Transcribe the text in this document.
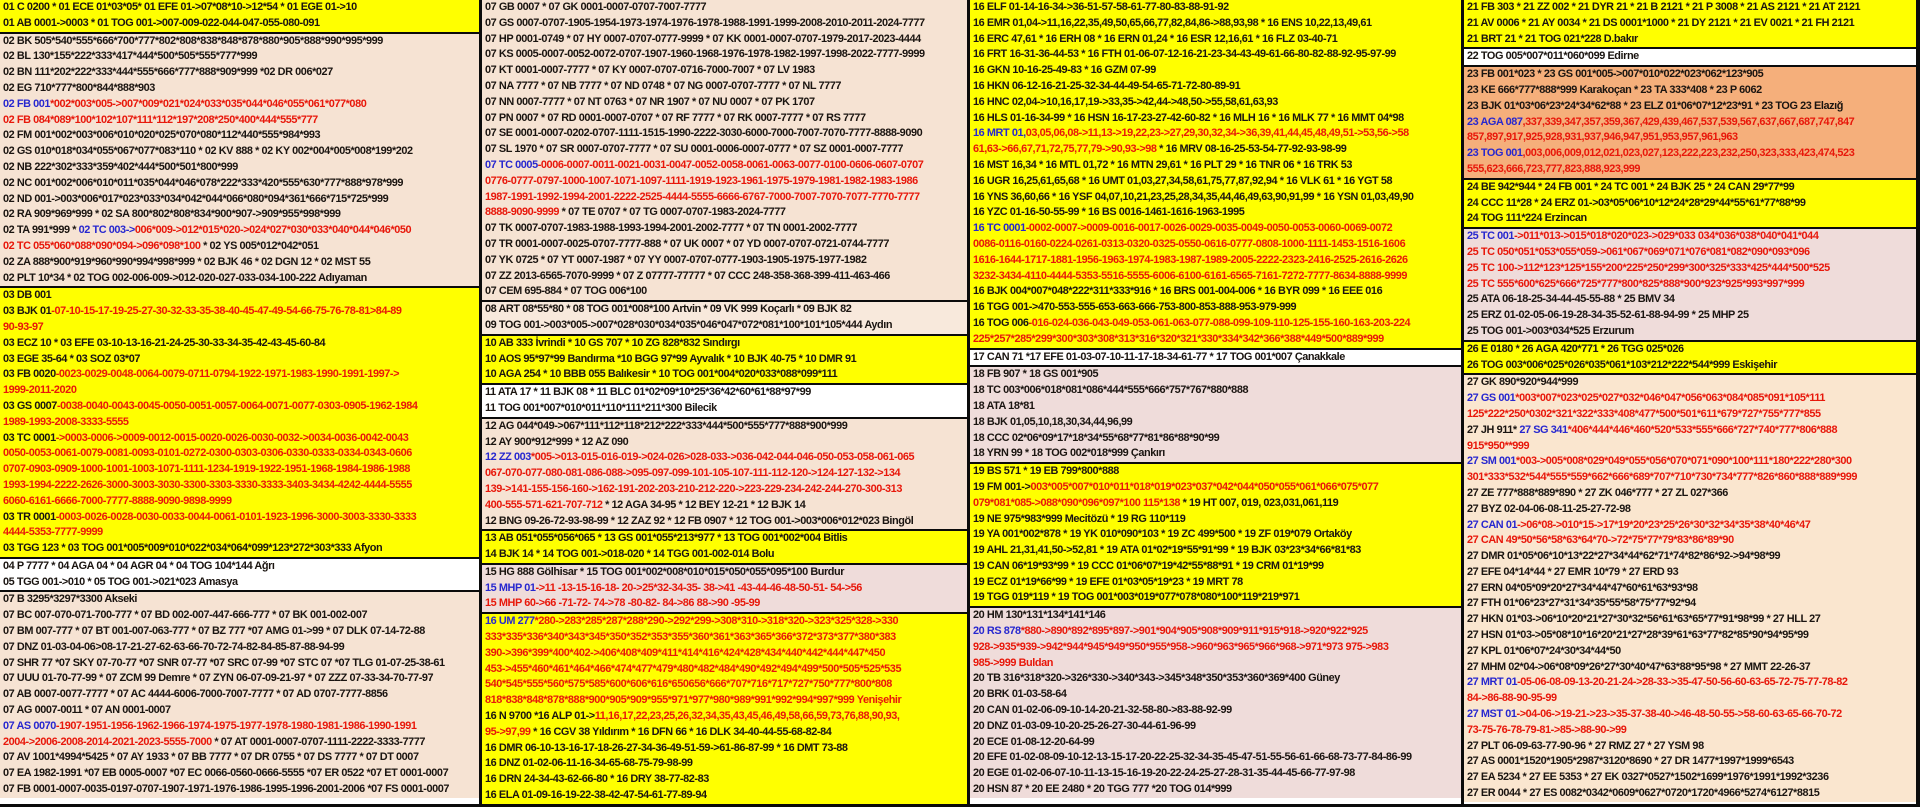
01 C 0200 * 01 ECE 01*03*05* 01 EFE 01->07*08*10->12*54 * 01 EGE 01->10
01 AB 0001->0003 * 01 TOG 001->007-009-022-044-047-055-080-091
02 BK 505*540*555*666*700*777*802*808*838*848*878*880*905*888*990*995*999
02 BL 130*155*222*333*417*444*500*505*555*777*999
02 BN 111*202*222*333*444*555*666*777*888*909*999 *02 DR 006*027
02 EG 710*777*800*844*888*903
02 FB 001*002*003*005->007*009*021*024*033*035*044*046*055*061*077*080
02 FB 084*089*100*102*107*111*112*197*208*250*400*444*555*777
02 FM 001*002*003*006*010*020*025*070*080*112*440*555*984*993
02 GS 010*018*034*055*067*077*083*110 * 02 KV 888 * 02 KY 002*004*005*008*199*202
02 NB 222*302*333*359*402*444*500*501*800*999
02 NC 001*002*006*010*011*035*044*046*078*222*333*420*555*630*777*888*978*999
02 ND 001->003*006*017*023*033*034*042*044*066*080*094*361*666*715*725*999
02 RA 909*969*999 * 02 SA 800*802*808*834*900*907->909*955*998*999
02 TA 991*999 * 02 TC 003->006*009->012*015*020->024*027*030*033*040*044*046*050
02 TC 055*060*088*090*094->096*098*100 * 02 YS 005*012*042*051
02 ZA 888*900*919*960*990*994*998*999 * 02 BJK 46 * 02 DGN 12 * 02 MST 55
02 PLT 10*34 * 02 TOG 002-006-009->012-020-027-033-034-100-222 Adıyaman
03 DB 001
03 BJK 01-07-10-15-17-19-25-27-30-32-33-35-38-40-45-47-49-54-66-75-76-78-81>84-89
90-93-97
03 ECZ 10 * 03 EFE 03-10-13-16-21-24-25-30-33-34-35-42-43-45-60-84
03 EGE 35-64 * 03 SOZ 03*07
03 FB 0020-0023-0029-0048-0064-0079-0711-0794-1922-1971-1983-1990-1991-1997->
1999-2011-2020
03 GS 0007-0038-0040-0043-0045-0050-0051-0057-0064-0071-0077-0303-0905-1962-1984
1989-1993-2008-3333-5555
03 TC 0001->0003-0006->0009-0012-0015-0020-0026-0030-0032->0034-0036-0042-0043
0050-0053-0061-0079-0081-0093-0101-0272-0300-0303-0306-0330-0333-0334-0343-0606
0707-0903-0909-1000-1001-1003-1071-1111-1234-1919-1922-1951-1968-1984-1986-1988
1993-1994-2222-2626-3000-3003-3030-3300-3303-3330-3333-3403-3434-4242-4444-5555
6060-6161-6666-7000-7777-8888-9090-9898-9999
03 TR 0001-0003-0026-0028-0030-0033-0044-0061-0101-1923-1996-3000-3003-3330-3333
4444-5353-7777-9999
03 TGG 123 * 03 TOG 001*005*009*010*022*034*064*099*123*272*303*333 Afyon
04 P 7777 * 04 AGA 04 * 04 AGR 04 * 04 TOG 104*144 Ağrı
05 TGG 001->010 * 05 TOG 001->021*023 Amasya
07 B 3295*3297*3300 Akseki
07 BC 007-070-071-700-777 * 07 BD 002-007-447-666-777 * 07 BK 001-002-007
07 BM 007-777 * 07 BT 001-007-063-777 * 07 BZ 777 *07 AMG 01->99 * 07 DLK 07-14-72-88
07 DNZ 01-03-04-06>08-17-21-27-62-63-66-70-72-74-82-84-85-87-88-94-99
07 SHR 77 *07 SKY 07-70-77 *07 SNR 07-77 *07 SRC 07-99 *07 STC 07 *07 TLG 01-07-25-38-61
07 UUU 01-70-77-99 * 07 ZCM 99 Demre * 07 ZYN 06-07-09-21-97 * 07 ZZZ 07-33-34-70-77-97
07 AB 0007-0077-7777 * 07 AC 4444-6006-7000-7007-7777 * 07 AD 0707-7777-8856
07 AG 0007-0011 * 07 AN 0001-0007
07 AS 0070-1907-1951-1956-1962-1966-1974-1975-1977-1978-1980-1981-1986-1990-1991
2004->2006-2008-2014-2021-2023-5555-7000 * 07 AT 0001-0007-0707-1111-2222-3333-7777
07 AV 1001*4994*5425 * 07 AY 1933 * 07 BB 7777 * 07 DR 0755 * 07 DS 7777 * 07 DT 0007
07 EA 1982-1991 *07 EB 0005-0007 *07 EC 0066-0560-0666-5555 *07 ER 0522 *07 ET 0001-0007
07 FB 0001-0007-0035-0197-0707-1907-1971-1976-1986-1995-1996-2001-2006 *07 FS 0001-0007
07 GB 0007 * 07 GK 0001-0007-0707-7007-7777
07 GS 0007-0707-1905-1954-1973-1974-1976-1978-1988-1991-1999-2008-2010-2011-2024-7777
07 HP 0001-0749 * 07 HY 0007-0707-0777-9999 * 07 KK 0001-0007-0707-1979-2017-2023-4444
07 KS 0005-0007-0052-0072-0707-1907-1960-1968-1976-1978-1982-1997-1998-2022-7777-9999
07 KT 0001-0007-7777 * 07 KY 0007-0707-0716-7000-7007 * 07 LV 1983
07 NA 7777 * 07 NB 7777 * 07 ND 0748 * 07 NG 0007-0707-7777 * 07 NL 7777
07 NN 0007-7777 * 07 NT 0763 * 07 NR 1907 * 07 NU 0007 * 07 PK 1707
07 PN 0007 * 07 RD 0001-0007-0707 * 07 RF 7777 * 07 RK 0007-7777 * 07 RS 7777
07 SE 0001-0007-0202-0707-1111-1515-1990-2222-3030-6000-7000-7007-7070-7777-8888-9090
07 SL 1970 * 07 SR 0007-0707-7777 * 07 SU 0001-0006-0007-0777 * 07 SZ 0001-0007-7777
07 TC 0005-0006-0007-0011-0021-0031-0047-0052-0058-0061-0063-0077-0100-0606-0607-0707
0776-0777-0797-1000-1007-1071-1097-1111-1919-1923-1961-1975-1979-1981-1982-1983-1986
1987-1991-1992-1994-2001-2222-2525-4444-5555-6666-6767-7000-7007-7070-7077-7770-7777
8888-9090-9999 * 07 TE 0707 * 07 TG 0007-0707-1983-2024-7777
07 TK 0007-0707-1983-1988-1993-1994-2001-2002-7777 * 07 TN 0001-2002-7777
07 TR 0001-0007-0025-0707-7777-888 * 07 UK 0007 * 07 YD 0007-0707-0721-0744-7777
07 YK 0725 * 07 YT 0007-1987 * 07 YY 0007-0707-0777-1903-1905-1975-1977-1982
07 ZZ 2013-6565-7070-9999 * 07 Z 07777-77777 * 07 CCC 248-358-368-399-411-463-466
07 CEM 695-884 * 07 TOG 006*100
08 ART 08*55*80 * 08 TOG 001*008*100 Artvin * 09 VK 999 Koçarlı * 09 BJK 82
09 TOG 001->003*005->007*028*030*034*035*046*047*072*081*100*101*105*444 Aydın
10 AB 333 İvrindi * 10 GS 707 * 10 ZG 828*832 Sındırgı
10 AOS 95*97*99 Bandırma *10 BGG 97*99 Ayvalık * 10 BJK 40-75 * 10 DMR 91
10 AGA 254 * 10 BBB 055 Balıkesir * 10 TOG 001*004*020*033*088*099*111
11 ATA 17 * 11 BJK 08 * 11 BLC 01*02*09*10*25*36*42*60*61*88*97*99
11 TOG 001*007*010*011*110*111*211*300 Bilecik
12 AG 044*049->067*111*112*118*212*222*333*444*500*555*777*888*900*999
12 AY 900*912*999 * 12 AZ 090
12 ZZ 003*005->013-015-016-019->024-026>028-033->036-042-044-046-050-053-058-061-065
067-070-077-080-081-086-088->095-097-099-101-105-107-111-112-120->124-127-132->134
139->141-155-156-160->162-191-202-203-210-212-220->223-229-234-242-244-270-300-313
400-555-571-621-707-712 * 12 AGA 34-95 * 12 BEY 12-21 * 12 BJK 14
12 BNG 09-26-72-93-98-99 * 12 ZAZ 92 * 12 FB 0907 * 12 TOG 001->003*006*012*023 Bingöl
13 AB 051*055*056*065 * 13 GS 001*055*213*977 * 13 TOG 001*002*004 Bitlis
14 BJK 14 * 14 TOG 001->018-020 * 14 TGG 001-002-014 Bolu
15 HG 888 Gölhisar * 15 TOG 001*002*008*010*015*050*055*095*100 Burdur
15 MHP 01->11 -13-15-16-18- 20->25*32-34-35- 38->41 -43-44-46-48-50-51- 54->56
15 MHP 60->66 -71-72- 74->78 -80-82- 84->86 88->90 -95-99
16 UM 277*280->283*285*287*288*290->292*299->308*310->318*320->323*325*328->330
333*335*336*340*343*345*350*352*353*355*360*361*363*365*366*372*373*377*380*383
390->396*399*400*402->406*408*409*411*414*416*424*428*434*440*442*444*447*450
453->455*460*461*464*466*474*477*479*480*482*484*490*492*494*499*500*505*525*535
540*545*555*560*575*585*600*606*616*650656*666*707*716*717*727*750*777*800*808
818*838*848*878*888*900*905*909*955*971*977*980*989*991*992*994*997*999 Yenişehir
16 N 9700 *16 ALP 01->11,16,17,22,23,25,26,32,34,35,43,45,46,49,58,66,59,73,76,88,90,93,
95->97,99 * 16 CGV 38 Yıldırım * 16 DFN 66 * 16 DLK 34-40-44-55-68-82-84
16 DMR 06-10-13-16-17-18-26-27-34-36-49-51-59->61-86-87-99 * 16 DMT 73-88
16 DNZ 01-02-06-11-16-34-65-68-75-79-98-99
16 DRN 24-34-43-62-66-80 * 16 DRY 38-77-82-83
16 ELA 01-09-16-19-22-38-42-47-54-61-77-89-94
16 ELF 01-14-16-34->36-51-57-58-61-77-80-83-88-91-92
16 EMR 01,04->11,16,22,35,49,50,65,66,77,82,84,86->88,93,98 * 16 ENS 10,22,13,49,61
16 ERC 47,61 * 16 ERH 08 * 16 ERN 01,24 * 16 ESR 12,16,61 * 16 FLZ 03-40-71
16 FRT 16-31-36-44-53 * 16 FTH 01-06-07-12-16-21-23-34-43-49-61-66-80-82-88-92-95-97-99
16 GKN 10-16-25-49-83 * 16 GZM 07-99
16 HKN 06-12-16-21-25-32-34-44-49-54-65-71-72-80-89-91
16 HNC 02,04->10,16,17,19->33,35->42,44->48,50->55,58,61,63,93
16 HLS 01-16-34-99 * 16 HSN 16-17-23-27-42-60-82 * 16 MLH 16 * 16 MLK 77 * 16 MMT 04*98
16 MRT 01,03,05,06,08->11,13->19,22,23->27,29,30,32,34->36,39,41,44,45,48,49,51->53,56->58
61,63->66,67,71,72,75,77,79->90,93->98 * 16 MRV 08-16-25-53-54-77-92-93-98-99
16 MST 16,34 * 16 MTL 01,72 * 16 MTN 29,61 * 16 PLT 29 * 16 TNR 06 * 16 TRK 53
16 UGR 16,25,61,65,68 * 16 UMT 01,03,27,34,58,61,75,77,87,92,94 * 16 VLK 61 * 16 YGT 58
16 YNS 36,60,66 * 16 YSF 04,07,10,21,23,25,28,34,35,44,46,49,63,90,91,99 * 16 YSN 01,03,49,90
16 YZC 01-16-50-55-99 * 16 BS 0016-1461-1616-1963-1995
16 TC 0001-0002-0007->0009-0016-0017-0026-0029-0035-0049-0050-0053-0060-0069-0072
0086-0116-0160-0224-0261-0313-0320-0325-0550-0616-0777-0808-1000-1111-1453-1516-1606
1616-1644-1717-1881-1956-1963-1974-1983-1987-1989-2005-2222-2323-2416-2525-2616-2626
3232-3434-4110-4444-5353-5516-5555-6006-6100-6161-6565-7161-7272-7777-8634-8888-9999
16 BJK 004*007*048*222*311*333*916 * 16 BRS 001-004-006 * 16 BYR 099 * 16 EEE 016
16 TGG 001->470-553-555-653-663-666-753-800-853-888-953-979-999
16 TOG 006-016-024-036-043-049-053-061-063-077-088-099-109-110-125-155-160-163-203-224
225*257*285*299*300*303*308*313*316*320*321*330*334*342*366*388*449*500*889*999
17 CAN 71 *17 EFE 01-03-07-10-11-17-18-34-61-77 * 17 TOG 001*007 Çanakkale
18 FB 907 * 18 GS 001*905
18 TC 003*006*018*081*086*444*555*666*757*767*880*888
18 ATA 18*81
18 BJK 01,05,10,18,30,34,44,96,99
18 CCC 02*06*09*17*18*34*55*68*77*81*86*88*90*99
18 YRN 99 * 18 TOG 002*018*999 Çankırı
19 BS 571 * 19 EB 799*800*888
19 FM 001->003*005*007*010*011*018*019*023*037*042*044*050*055*061*066*075*077
079*081*085->088*090*096*097*100 115*138 * 19 HT 007, 019, 023,031,061,119
19 NE 975*983*999 Mecitözü * 19 RG 110*119
19 YA 001*002*878 * 19 YK 010*090*103 * 19 ZC 499*500 * 19 ZF 019*079 Ortaköy
19 AHL 21,31,41,50->52,81 * 19 ATA 01*02*19*55*91*99 * 19 BJK 03*23*34*66*81*83
19 CAN 06*19*93*99 * 19 CCC 01*06*07*19*42*55*88*91 * 19 CRM 01*19*99
19 ECZ 01*19*66*99 * 19 EFE 01*03*05*19*23 * 19 MRT 78
19 TGG 019*119 * 19 TOG 001*003*019*077*078*080*100*119*219*971
20 HM 130*131*134*141*146
20 RS 878*880->890*892*895*897->901*904*905*908*909*911*915*918->920*922*925
928->935*939->942*944*945*949*950*955*958->960*963*965*966*968->971*973 975->983
985->999 Buldan
20 TB 316*318*320->326*330->340*343->345*348*350*353*360*369*400 Güney
20 BRK 01-03-58-64
20 CAN 01-02-06-09-10-14-20-21-32-58-80->83-88-92-99
20 DNZ 01-03-09-10-20-25-26-27-30-44-61-96-99
20 ECE 01-08-12-20-64-99
20 EFE 01-02-08-09-10-12-13-15-17-20-22-25-32-34-35-45-47-51-55-56-61-66-68-73-77-84-86-99
20 EGE 01-02-06-07-10-11-13-15-16-19-20-22-24-25-27-28-31-35-44-45-66-77-97-98
20 HSN 87 * 20 EE 2480 * 20 TGG 777 *20 TOG 014*999
21 FB 303 * 21 ZZ 002 * 21 DYR 21 * 21 B 2121 * 21 P 3008 * 21 AS 2121 * 21 AT 2121
21 AV 0006 * 21 AY 0034 * 21 DS 0001*1000 * 21 DY 2121 * 21 EV 0021 * 21 FH 2121
21 BRT 21 * 21 TOG 021*228 D.bakır
22 TOG 005*007*011*060*099 Edirne
23 FB 001*023 * 23 GS 001*005->007*010*022*023*062*123*905
23 KE 666*777*888*999 Karakoçan * 23 TA 333*408 * 23 P 6062
23 BJK 01*03*06*23*24*34*62*88 * 23 ELZ 01*06*07*12*23*91 * 23 TOG 23 Elazığ
23 AGA 087,337,339,347,357,359,367,429,439,467,537,539,567,637,667,687,747,847
857,897,917,925,928,931,937,946,947,951,953,957,961,963
23 TOG 001,003,006,009,012,021,023,027,123,222,223,232,250,323,333,423,474,523
555,623,666,723,777,823,888,923,999
24 BE 942*944 * 24 FB 001 * 24 TC 001 * 24 BJK 25 * 24 CAN 29*77*99
24 CCC 11*28 * 24 ERZ 01->03*05*06*10*12*24*28*29*44*55*61*77*88*99
24 TOG 111*224 Erzincan
25 TC 001->011*013->015*018*020*023->029*033 034*036*038*040*041*044
25 TC 050*051*053*055*059->061*067*069*071*076*081*082*090*093*096
25 TC 100->112*123*125*155*200*225*250*299*300*325*333*425*444*500*525
25 TC 555*600*625*666*725*777*800*825*888*900*923*925*993*997*999
25 ATA 06-18-25-34-44-45-55-88 * 25 BMV 34
25 ERZ 01-02-05-06-19-28-34-35-52-61-88-94-99 * 25 MHP 25
25 TOG 001->003*034*525 Erzurum
26 E 0180 * 26 AGA 420*771 * 26 TGG 025*026
26 TOG 003*006*025*026*035*061*103*212*222*544*999 Eskişehir
27 GK 890*920*944*999
27 GS 001*003*007*023*025*027*032*046*047*056*063*084*085*091*105*111
125*222*250*0302*321*322*333*408*477*500*501*611*679*727*755*777*855
27 JH 911* 27 SG 341*406*444*446*460*520*533*555*666*727*740*777*806*888
915*950**999
27 SM 001*003->005*008*029*049*055*056*070*071*090*100*111*180*222*280*300
301*333*532*544*555*559*662*666*689*707*710*730*734*777*826*860*888*889*999
27 ZE 777*888*889*890 * 27 ZK 046*777 * 27 ZL 027*366
27 BYZ 02-04-06-08-11-25-27-72-98
27 CAN 01->06*08->010*15->17*19*20*23*25*26*30*32*34*35*38*40*46*47
27 CAN 49*50*56*58*63*64*70->72*75*77*79*83*86*89*90
27 DMR 01*05*06*10*13*22*27*34*44*62*71*74*82*86*92->94*98*99
27 EFE 04*14*44 * 27 EMR 10*79 * 27 ERD 93
27 ERN 04*05*09*20*27*34*44*47*60*61*63*93*98
27 FTH 01*06*23*27*31*34*35*55*58*75*77*92*94
27 HKN 01*03->06*10*20*21*27*30*32*56*61*63*65*77*91*98*99 * 27 HLL 27
27 HSN 01*03->05*08*10*16*20*21*27*28*39*61*63*77*82*85*90*94*95*99
27 KPL 01*06*07*24*30*34*44*50
27 MHM 02*04->06*08*09*26*27*30*40*47*63*88*95*98 * 27 MMT 22-26-37
27 MRT 01-05-06-08-09-13-20-21-24->28-33->35-47-50-56-60-63-65-72-75-77-78-82
84->86-88-90-95-99
27 MST 01->04-06->19-21->23->35-37-38-40->46-48-50-55->58-60-63-65-66-70-72
73-75-76-78-79-81->85->88-90->99
27 PLT 06-09-63-77-90-96 * 27 RMZ 27 * 27 YSM 98
27 AS 0001*1520*1905*2987*3120*8690 * 27 DR 1477*1997*1999*6543
27 EA 5234 * 27 EE 5353 * 27 EK 0327*0527*1502*1699*1976*1991*1992*3236
27 ER 0044 * 27 ES 0082*0342*0609*0627*0720*1720*4966*5274*6127*8815
